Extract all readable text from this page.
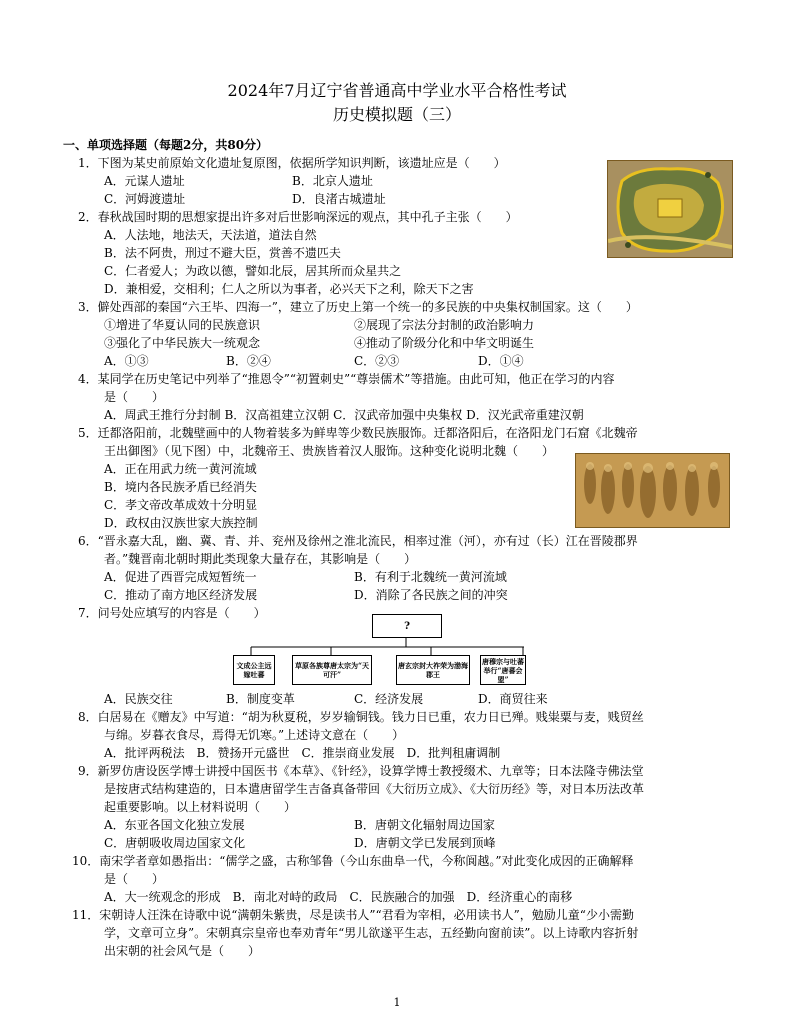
2024年7月辽宁省普通高中学业水平合格性考试
历史模拟题（三）
一、单项选择题（每题2分，共80分）
1．下图为某史前原始文化遗址复原图，依据所学知识判断，该遗址应是（　　）
A．元谋人遗址	B．北京人遗址
C．河姆渡遗址	D．良渚古城遗址
2．春秋战国时期的思想家提出许多对后世影响深远的观点，其中孔子主张（　　）
A．人法地，地法天，天法道，道法自然
B．法不阿贵，刑过不避大臣，赏善不遗匹夫
C．仁者爱人；为政以德，譬如北辰，居其所而众星共之
D．兼相爱，交相利；仁人之所以为事者，必兴天下之利，除天下之害
3．僻处西部的秦国“六王毕、四海一”，建立了历史上第一个统一的多民族的中央集权制国家。这（　　）
①增进了华夏认同的民族意识	②展现了宗法分封制的政治影响力
③强化了中华民族大一统观念	④推动了阶级分化和中华文明诞生
A．①③	B．②④	C．②③	D．①④
4．某同学在历史笔记中列举了“推恩令”“初置刺史”“尊崇儒术”等措施。由此可知，他正在学习的内容
是（　　）
A．周武王推行分封制 B．汉高祖建立汉朝 C．汉武帝加强中央集权 D．汉光武帝重建汉朝
5．迁都洛阳前，北魏壁画中的人物着装多为鲜卑等少数民族服饰。迁都洛阳后，在洛阳龙门石窟《北魏帝
王出御图》（见下图）中，北魏帝王、贵族皆着汉人服饰。这种变化说明北魏（　　）
A．正在用武力统一黄河流域
B．境内各民族矛盾已经消失
C．孝文帝改革成效十分明显
D．政权由汉族世家大族控制
6．“晋永嘉大乱，幽、冀、青、并、兖州及徐州之淮北流民，相率过淮（河），亦有过（长）江在晋陵郡界
者。”魏晋南北朝时期此类现象大量存在，其影响是（　　）
A．促进了西晋完成短暂统一	B．有利于北魏统一黄河流域
C．推动了南方地区经济发展	D．消除了各民族之间的冲突
7．问号处应填写的内容是（　　）
A．民族交往	B．制度变革	C．经济发展	D．商贸往来
8．白居易在《赠友》中写道：“胡为秋夏税，岁岁输铜钱。钱力日已重，农力日已殚。贱粜粟与麦，贱贸丝
与绵。岁暮衣食尽，焉得无饥寒。”上述诗文意在（　　）
A．批评两税法　B．赞扬开元盛世　C．推崇商业发展　D．批判租庸调制
9．新罗仿唐设医学博士讲授中国医书《本草》、《针经》，设算学博士教授缀术、九章等；日本法隆寺佛法堂
是按唐式结构建造的，日本遣唐留学生吉备真备带回《大衍历立成》、《大衍历经》等，对日本历法改革
起重要影响。以上材料说明（　　）
A．东亚各国文化独立发展	B．唐朝文化辐射周边国家
C．唐朝吸收周边国家文化	D．唐朝文学已发展到顶峰
10．南宋学者章如愚指出：“儒学之盛，古称邹鲁（今山东曲阜一代，今称阆越。”对此变化成因的正确解释
是（　　）
A．大一统观念的形成　B．南北对峙的政局　C．民族融合的加强　D．经济重心的南移
11．宋朝诗人汪洙在诗歌中说“满朝朱紫贵，尽是读书人”“君看为宰相，必用读书人”，勉励儿童“少小需勤
学，文章可立身”。宋朝真宗皇帝也奉劝青年“男儿欲遂平生志，五经勤向窗前读”。以上诗歌内容折射
出宋朝的社会风气是（　　）
?
文成公主远嫁吐蕃
草原各族尊唐太宗为“天可汗”
唐玄宗封大祚荣为渤海郡王
唐穆宗与吐蕃举行“唐蕃会盟”
1
